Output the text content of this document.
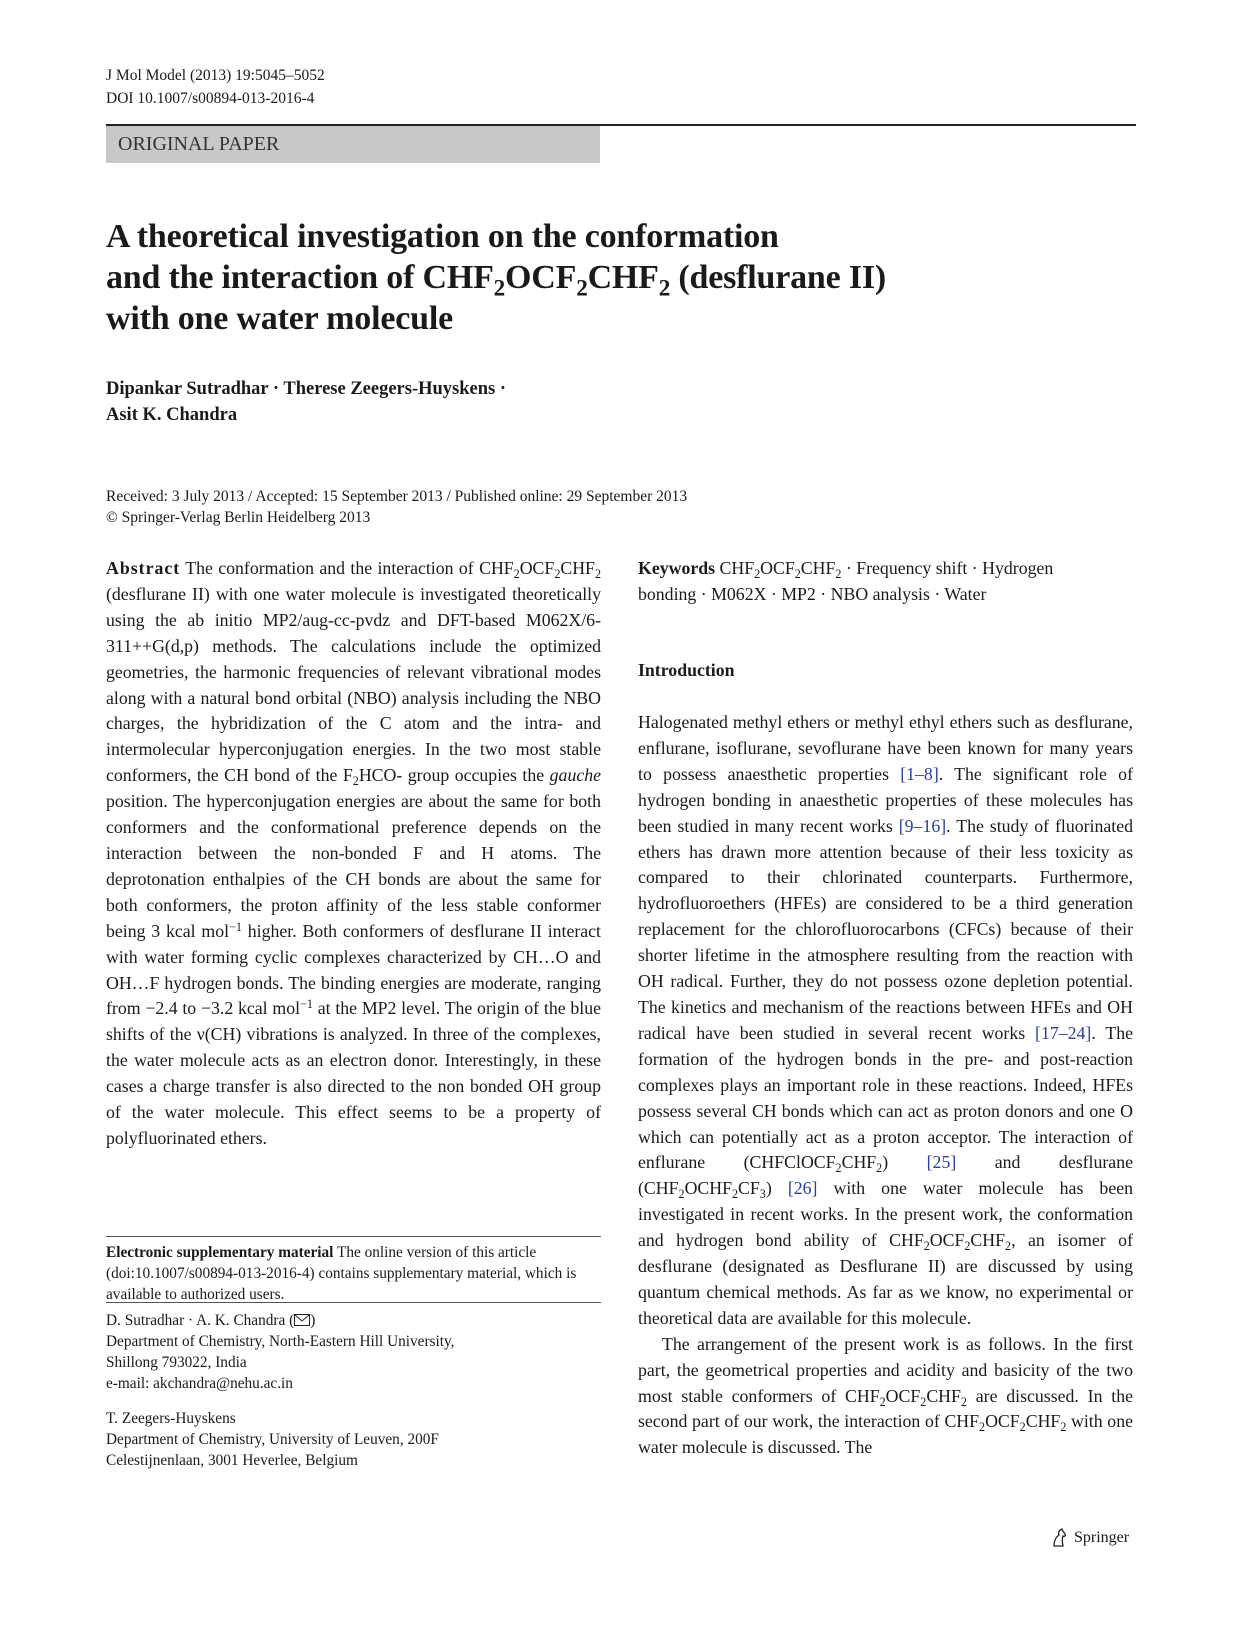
J Mol Model (2013) 19:5045–5052
DOI 10.1007/s00894-013-2016-4
ORIGINAL PAPER
A theoretical investigation on the conformation
and the interaction of $CHF_2OCF_2CHF_2$ (desflurane II)
with one water molecule
Dipankar Sutradhar · Therese Zeegers-Huyskens ·
Asit K. Chandra
Received: 3 July 2013 / Accepted: 15 September 2013 / Published online: 29 September 2013
© Springer-Verlag Berlin Heidelberg 2013

Abstract The conformation and the interaction of $CHF_2OCF_2CHF_2$ (desflurane II) with one water molecule is investigated theoretically using the ab initio MP2/aug-cc-pvdz and DFT-based M062X/6-311++G(d,p) methods. The calculations include the optimized geometries, the harmonic frequencies of relevant vibrational modes along with a natural bond orbital (NBO) analysis including the NBO charges, the hybridization of the C atom and the intra- and intermolecular hyperconjugation energies. In the two most stable conformers, the CH bond of the $F_2HCO-$ group occupies the gauche position. The hyperconjugation energies are about the same for both conformers and the conformational preference depends on the interaction between the non-bonded F and H atoms. The deprotonation enthalpies of the CH bonds are about the same for both conformers, the proton affinity of the less stable conformer being 3 kcal mol$^{-1}$ higher. Both conformers of desflurane II interact with water forming cyclic complexes characterized by CH…O and OH…F hydrogen bonds. The binding energies are moderate, ranging from −2.4 to −3.2 kcal mol$^{-1}$ at the MP2 level. The origin of the blue shifts of the ν(CH) vibrations is analyzed. In three of the complexes, the water molecule acts as an electron donor. Interestingly, in these cases a charge transfer is also directed to the non bonded OH group of the water molecule. This effect seems to be a property of polyfluorinated ethers.

Electronic supplementary material The online version of this article (doi:10.1007/s00894-013-2016-4) contains supplementary material, which is available to authorized users.
D. Sutradhar · A. K. Chandra ( )
Department of Chemistry, North-Eastern Hill University,
Shillong 793022, India
e-mail: akchandra@nehu.ac.in
T. Zeegers-Huyskens
Department of Chemistry, University of Leuven, 200F
Celestijnenlaan, 3001 Heverlee, Belgium

Keywords $CHF_2OCF_2CHF_2$ · Frequency shift · Hydrogen
bonding · M062X · MP2 · NBO analysis · Water

Introduction

Halogenated methyl ethers or methyl ethyl ethers such as desflurane, enflurane, isoflurane, sevoflurane have been known for many years to possess anaesthetic properties [1–8]. The significant role of hydrogen bonding in anaesthetic properties of these molecules has been studied in many recent works [9–16]. The study of fluorinated ethers has drawn more attention because of their less toxicity as compared to their chlorinated counterparts. Furthermore, hydrofluoroethers (HFEs) are considered to be a third generation replacement for the chlorofluorocarbons (CFCs) because of their shorter lifetime in the atmosphere resulting from the reaction with OH radical. Further, they do not possess ozone depletion potential. The kinetics and mechanism of the reactions between HFEs and OH radical have been studied in several recent works [17–24]. The formation of the hydrogen bonds in the pre- and post-reaction complexes plays an important role in these reactions. Indeed, HFEs possess several CH bonds which can act as proton donors and one O which can potentially act as a proton acceptor. The interaction of enflurane $(CHFClOCF_2CHF_2)$ [25] and desflurane $(CHF_2OCHF_2CF_3)$ [26] with one water molecule has been investigated in recent works. In the present work, the conformation and hydrogen bond ability of $CHF_2OCF_2CHF_2$, an isomer of desflurane (designated as Desflurane II) are discussed by using quantum chemical methods. As far as we know, no experimental or theoretical data are available for this molecule.

The arrangement of the present work is as follows. In the first part, the geometrical properties and acidity and basicity of the two most stable conformers of $CHF_2OCF_2CHF_2$ are discussed. In the second part of our work, the interaction of $CHF_2OCF_2CHF_2$ with one water molecule is discussed. The

Springer
